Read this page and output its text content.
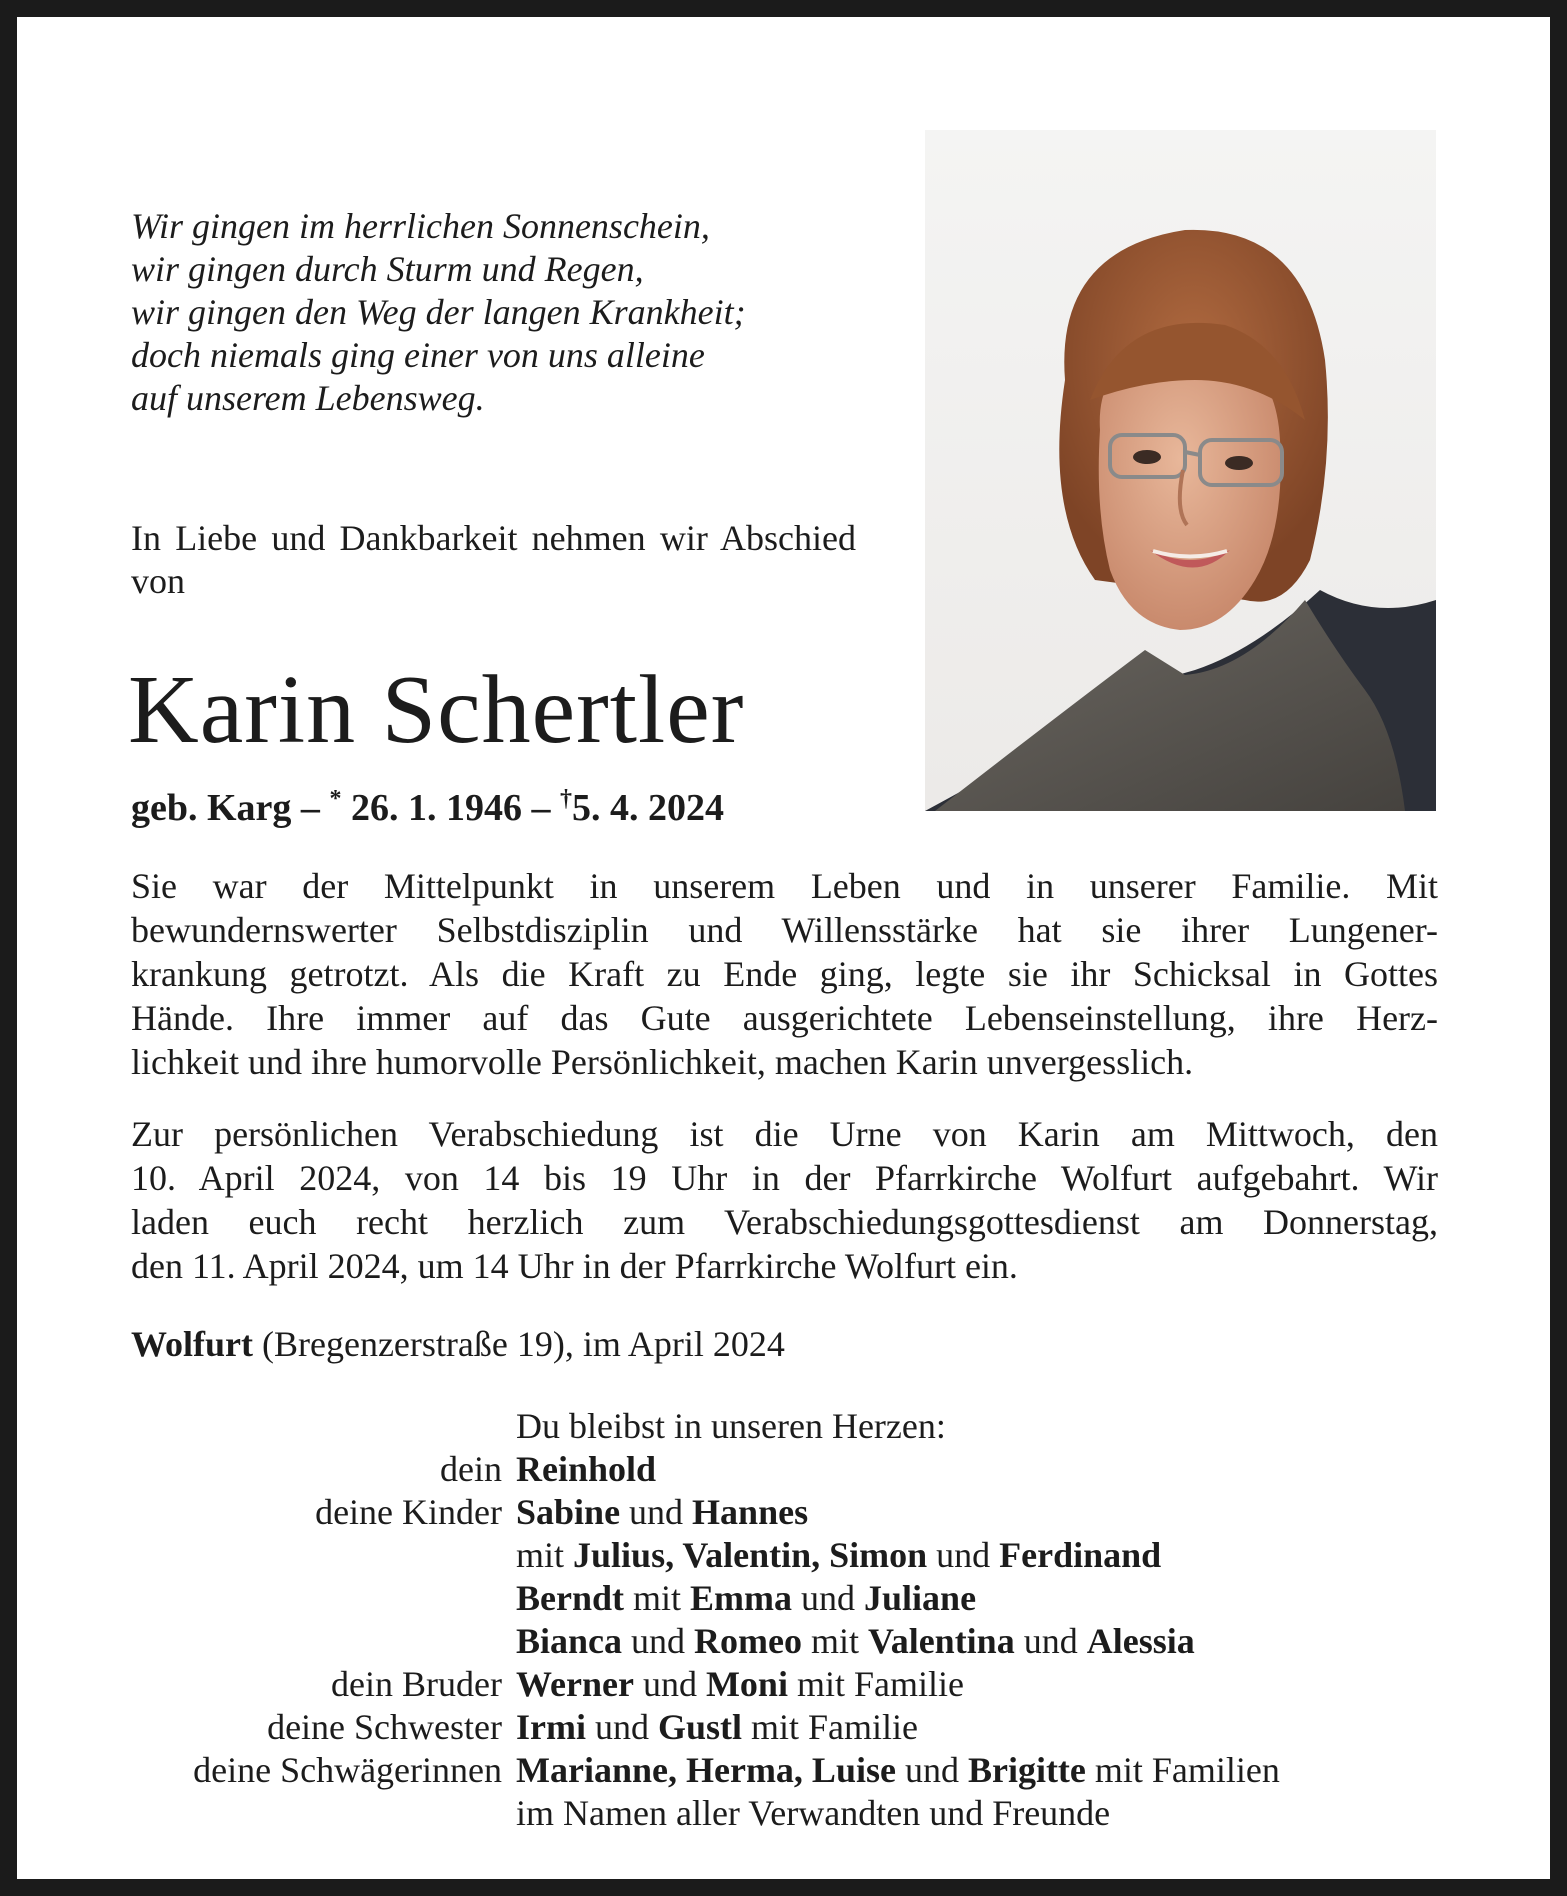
Wir gingen im herrlichen Sonnenschein,
wir gingen durch Sturm und Regen,
wir gingen den Weg der langen Krankheit;
doch niemals ging einer von uns alleine
auf unserem Lebensweg.
In Liebe und Dankbarkeit nehmen wir Abschied von
Karin Schertler
geb. Karg – * 26. 1. 1946 – †5. 4. 2024
Sie war der Mittelpunkt in unserem Leben und in unserer Familie. Mit
bewundernswerter Selbstdisziplin und Willensstärke hat sie ihrer Lungener-
krankung getrotzt. Als die Kraft zu Ende ging, legte sie ihr Schicksal in Gottes
Hände. Ihre immer auf das Gute ausgerichtete Lebenseinstellung, ihre Herz-
lichkeit und ihre humorvolle Persönlichkeit, machen Karin unvergesslich.
Zur persönlichen Verabschiedung ist die Urne von Karin am Mittwoch, den
10. April 2024, von 14 bis 19 Uhr in der Pfarrkirche Wolfurt aufgebahrt. Wir
laden euch recht herzlich zum Verabschiedungsgottesdienst am Donnerstag,
den 11. April 2024, um 14 Uhr in der Pfarrkirche Wolfurt ein.
Wolfurt (Bregenzerstraße 19), im April 2024
Du bleibst in unseren Herzen:
dein Reinhold
deine Kinder Sabine und Hannes
mit Julius, Valentin, Simon und Ferdinand
Berndt mit Emma und Juliane
Bianca und Romeo mit Valentina und Alessia
dein Bruder Werner und Moni mit Familie
deine Schwester Irmi und Gustl mit Familie
deine Schwägerinnen Marianne, Herma, Luise und Brigitte mit Familien
im Namen aller Verwandten und Freunde
